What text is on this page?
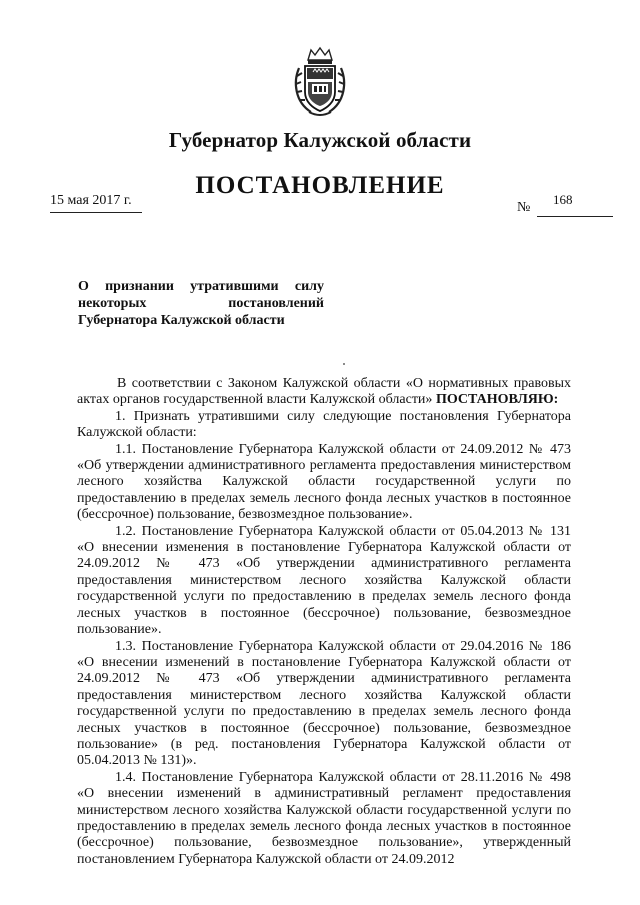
Губернатор Калужской области
ПОСТАНОВЛЕНИЕ
15 мая 2017 г.	№
168
О признании утратившими силу
некоторых постановлений
Губернатора Калужской области

В соответствии с Законом Калужской области «О нормативных правовых актах органов государственной власти Калужской области» ПОСТАНОВЛЯЮ:

1. Признать утратившими силу следующие постановления Губернатора Калужской области:

1.1. Постановление Губернатора Калужской области от 24.09.2012 № 473 «Об утверждении административного регламента предоставления министерством лесного хозяйства Калужской области государственной услуги по предоставлению в пределах земель лесного фонда лесных участков в постоянное (бессрочное) пользование, безвозмездное пользование».

1.2. Постановление Губернатора Калужской области от 05.04.2013 № 131 «О внесении изменения в постановление Губернатора Калужской области от 24.09.2012 № 473 «Об утверждении административного регламента предоставления министерством лесного хозяйства Калужской области государственной услуги по предоставлению в пределах земель лесного фонда лесных участков в постоянное (бессрочное) пользование, безвозмездное пользование».

1.3. Постановление Губернатора Калужской области от 29.04.2016 № 186 «О внесении изменений в постановление Губернатора Калужской области от 24.09.2012 № 473 «Об утверждении административного регламента предоставления министерством лесного хозяйства Калужской области государственной услуги по предоставлению в пределах земель лесного фонда лесных участков в постоянное (бессрочное) пользование, безвозмездное пользование» (в ред. постановления Губернатора Калужской области от 05.04.2013 № 131)».

1.4. Постановление Губернатора Калужской области от 28.11.2016 № 498 «О внесении изменений в административный регламент предоставления министерством лесного хозяйства Калужской области государственной услуги по предоставлению в пределах земель лесного фонда лесных участков в постоянное (бессрочное) пользование, безвозмездное пользование», утвержденный постановлением Губернатора Калужской области от 24.09.2012
